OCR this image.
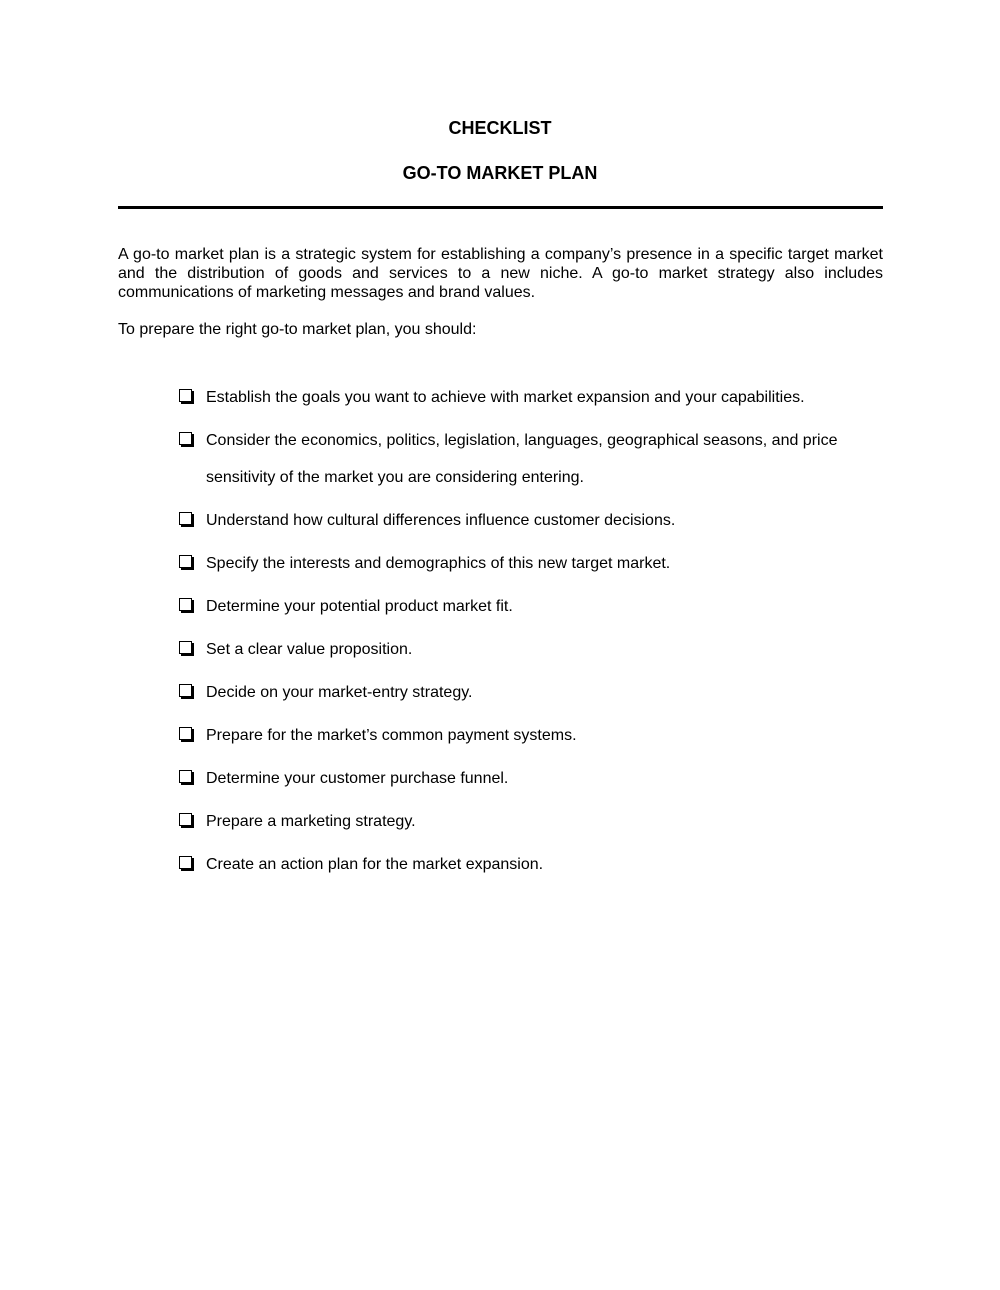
CHECKLIST
GO-TO MARKET PLAN
A go-to market plan is a strategic system for establishing a company’s presence in a specific target market and the distribution of goods and services to a new niche. A go-to market strategy also includes communications of marketing messages and brand values.
To prepare the right go-to market plan, you should:
Establish the goals you want to achieve with market expansion and your capabilities.
Consider the economics, politics, legislation, languages, geographical seasons, and price sensitivity of the market you are considering entering.
Understand how cultural differences influence customer decisions.
Specify the interests and demographics of this new target market.
Determine your potential product market fit.
Set a clear value proposition.
Decide on your market-entry strategy.
Prepare for the market’s common payment systems.
Determine your customer purchase funnel.
Prepare a marketing strategy.
Create an action plan for the market expansion.
